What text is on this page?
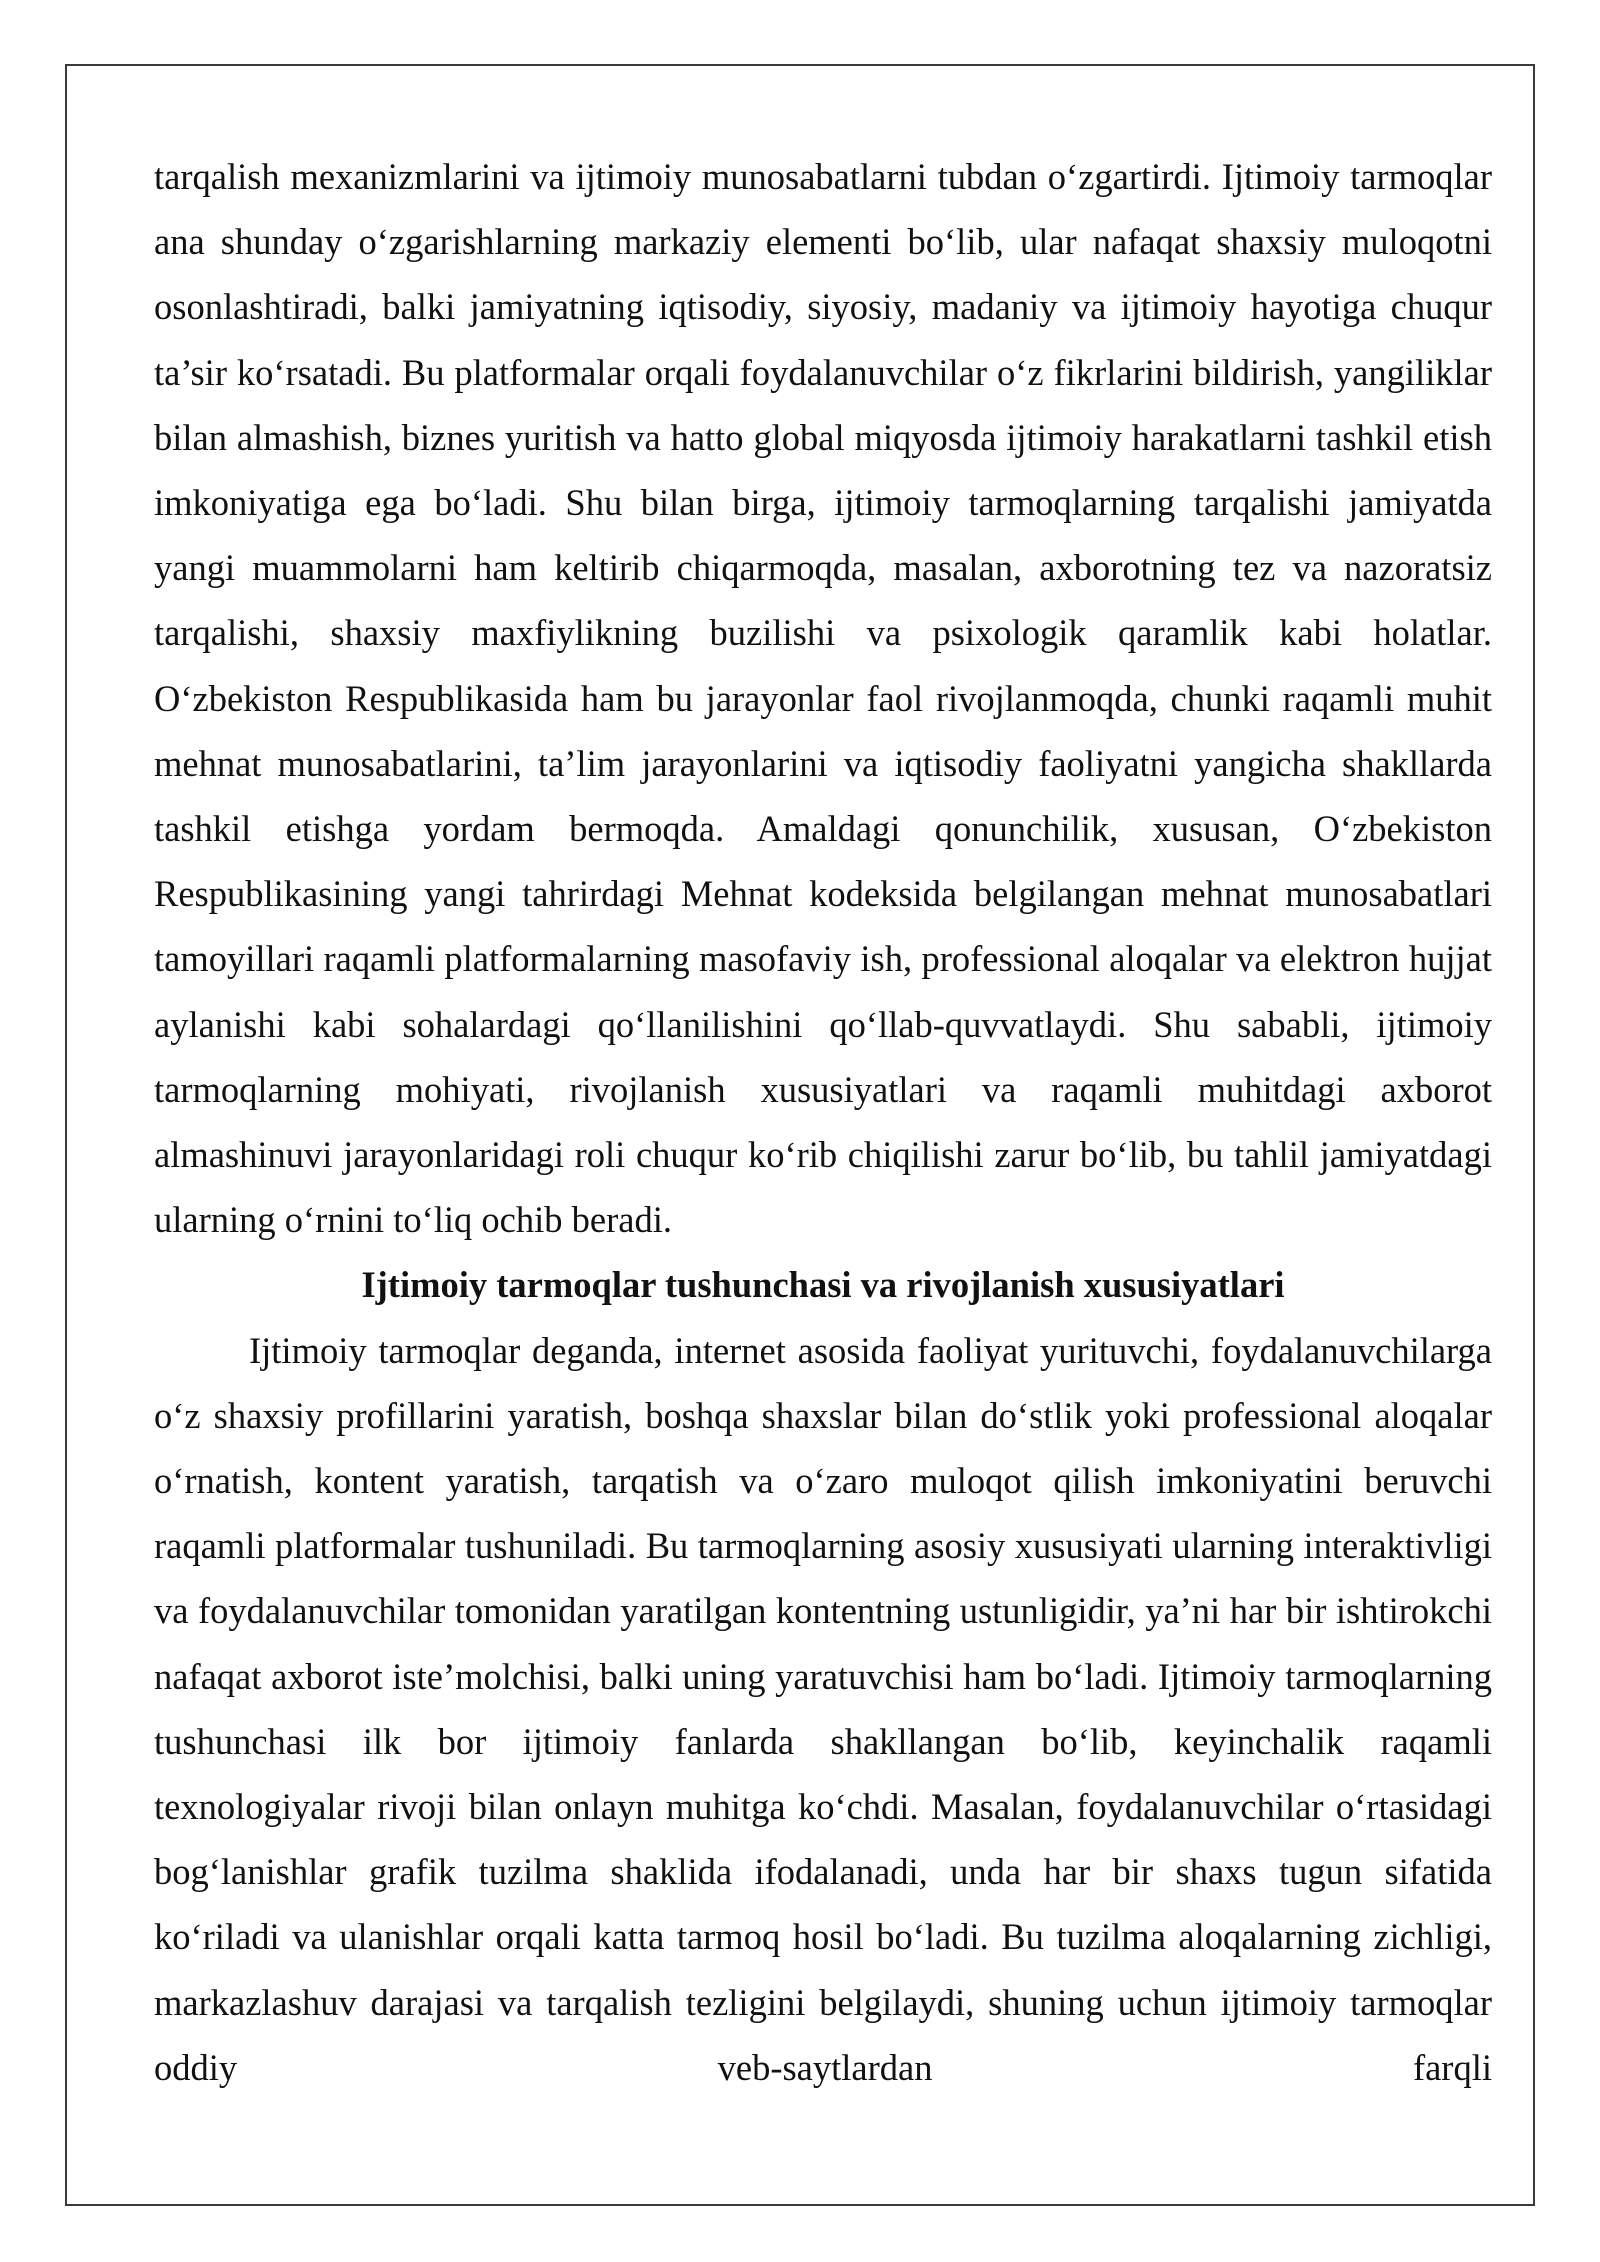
tarqalish mexanizmlarini va ijtimoiy munosabatlarni tubdan o‘zgartirdi. Ijtimoiy tarmoqlar ana shunday o‘zgarishlarning markaziy elementi bo‘lib, ular nafaqat shaxsiy muloqotni osonlashtiradi, balki jamiyatning iqtisodiy, siyosiy, madaniy va ijtimoiy hayotiga chuqur ta’sir ko‘rsatadi. Bu platformalar orqali foydalanuvchilar o‘z fikrlarini bildirish, yangiliklar bilan almashish, biznes yuritish va hatto global miqyosda ijtimoiy harakatlarni tashkil etish imkoniyatiga ega bo‘ladi. Shu bilan birga, ijtimoiy tarmoqlarning tarqalishi jamiyatda yangi muammolarni ham keltirib chiqarmoqda, masalan, axborotning tez va nazoratsiz tarqalishi, shaxsiy maxfiylikning buzilishi va psixologik qaramlik kabi holatlar. O‘zbekiston Respublikasida ham bu jarayonlar faol rivojlanmoqda, chunki raqamli muhit mehnat munosabatlarini, ta’lim jarayonlarini va iqtisodiy faoliyatni yangicha shakllarda tashkil etishga yordam bermoqda. Amaldagi qonunchilik, xususan, O‘zbekiston Respublikasining yangi tahrirdagi Mehnat kodeksida belgilangan mehnat munosabatlari tamoyillari raqamli platformalarning masofaviy ish, professional aloqalar va elektron hujjat aylanishi kabi sohalardagi qo‘llanilishini qo‘llab-quvvatlaydi. Shu sababli, ijtimoiy tarmoqlarning mohiyati, rivojlanish xususiyatlari va raqamli muhitdagi axborot almashinuvi jarayonlaridagi roli chuqur ko‘rib chiqilishi zarur bo‘lib, bu tahlil jamiyatdagi ularning o‘rnini to‘liq ochib beradi.

Ijtimoiy tarmoqlar tushunchasi va rivojlanish xususiyatlari

Ijtimoiy tarmoqlar deganda, internet asosida faoliyat yurituvchi, foydalanuvchilarga o‘z shaxsiy profillarini yaratish, boshqa shaxslar bilan do‘stlik yoki professional aloqalar o‘rnatish, kontent yaratish, tarqatish va o‘zaro muloqot qilish imkoniyatini beruvchi raqamli platformalar tushuniladi. Bu tarmoqlarning asosiy xususiyati ularning interaktivligi va foydalanuvchilar tomonidan yaratilgan kontentning ustunligidir, ya’ni har bir ishtirokchi nafaqat axborot iste’molchisi, balki uning yaratuvchisi ham bo‘ladi. Ijtimoiy tarmoqlarning tushunchasi ilk bor ijtimoiy fanlarda shakllangan bo‘lib, keyinchalik raqamli texnologiyalar rivoji bilan onlayn muhitga ko‘chdi. Masalan, foydalanuvchilar o‘rtasidagi bog‘lanishlar grafik tuzilma shaklida ifodalanadi, unda har bir shaxs tugun sifatida ko‘riladi va ulanishlar orqali katta tarmoq hosil bo‘ladi. Bu tuzilma aloqalarning zichligi, markazlashuv darajasi va tarqalish tezligini belgilaydi, shuning uchun ijtimoiy tarmoqlar oddiy veb-saytlardan farqli
